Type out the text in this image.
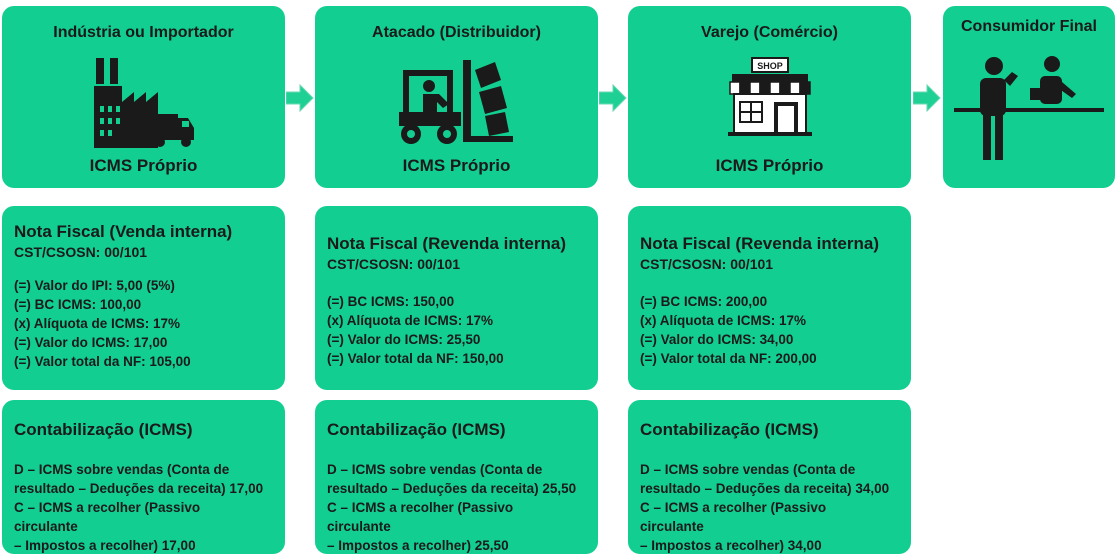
Indústria ou Importador
ICMS Próprio
Atacado (Distribuidor)
ICMS Próprio
Varejo (Comércio)
SHOP
ICMS Próprio
Consumidor Final
Nota Fiscal (Venda interna)
CST/CSOSN: 00/101
(=) Valor do IPI: 5,00 (5%)
(=) BC ICMS: 100,00
(x) Alíquota de ICMS: 17%
(=) Valor do ICMS: 17,00
(=) Valor total da NF: 105,00
Nota Fiscal (Revenda interna)
CST/CSOSN: 00/101
(=) BC ICMS: 150,00
(x) Alíquota de ICMS: 17%
(=) Valor do ICMS: 25,50
(=) Valor total da NF: 150,00
Nota Fiscal (Revenda interna)
CST/CSOSN: 00/101
(=) BC ICMS: 200,00
(x) Alíquota de ICMS: 17%
(=) Valor do ICMS: 34,00
(=) Valor total da NF: 200,00
Contabilização (ICMS)
D – ICMS sobre vendas (Conta de
resultado – Deduções da receita) 17,00
C – ICMS a recolher (Passivo circulante
– Impostos a recolher) 17,00
Contabilização (ICMS)
D – ICMS sobre vendas (Conta de
resultado – Deduções da receita) 25,50
C – ICMS a recolher (Passivo circulante
– Impostos a recolher) 25,50
Contabilização (ICMS)
D – ICMS sobre vendas (Conta de
resultado – Deduções da receita) 34,00
C – ICMS a recolher (Passivo circulante
– Impostos a recolher) 34,00
